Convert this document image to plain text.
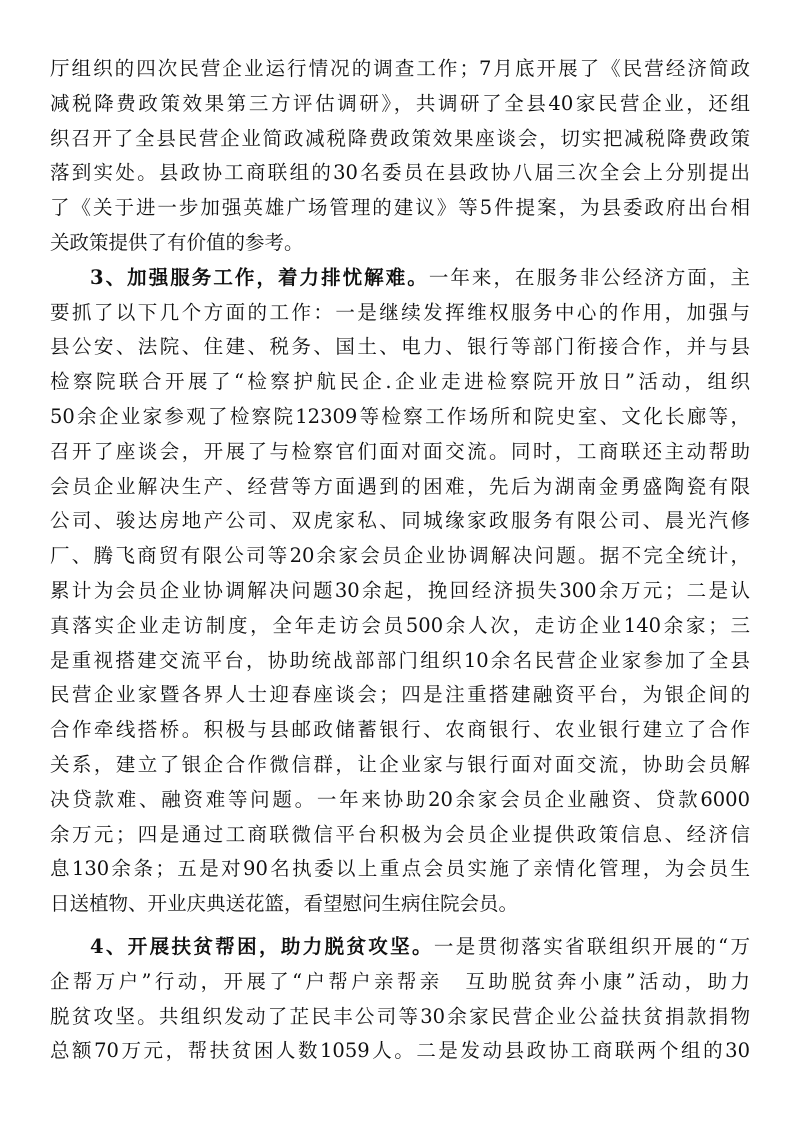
厅组织的四次民营企业运行情况的调查工作；7月底开展了《民营经济简政
减税降费政策效果第三方评估调研》，共调研了全县40家民营企业，还组
织召开了全县民营企业简政减税降费政策效果座谈会，切实把减税降费政策
落到实处。县政协工商联组的30名委员在县政协八届三次全会上分别提出
了《关于进一步加强英雄广场管理的建议》等5件提案，为县委政府出台相
关政策提供了有价值的参考。
3、加强服务工作，着力排忧解难。一年来，在服务非公经济方面，主
要抓了以下几个方面的工作：一是继续发挥维权服务中心的作用，加强与
县公安、法院、住建、税务、国土、电力、银行等部门衔接合作，并与县
检察院联合开展了“检察护航民企.企业走进检察院开放日”活动，组织
50余企业家参观了检察院12309等检察工作场所和院史室、文化长廊等，
召开了座谈会，开展了与检察官们面对面交流。同时，工商联还主动帮助
会员企业解决生产、经营等方面遇到的困难，先后为湖南金勇盛陶瓷有限
公司、骏达房地产公司、双虎家私、同城缘家政服务有限公司、晨光汽修
厂、腾飞商贸有限公司等20余家会员企业协调解决问题。据不完全统计，
累计为会员企业协调解决问题30余起，挽回经济损失300余万元；二是认
真落实企业走访制度，全年走访会员500余人次，走访企业140余家；三
是重视搭建交流平台，协助统战部部门组织10余名民营企业家参加了全县
民营企业家暨各界人士迎春座谈会；四是注重搭建融资平台，为银企间的
合作牵线搭桥。积极与县邮政储蓄银行、农商银行、农业银行建立了合作
关系，建立了银企合作微信群，让企业家与银行面对面交流，协助会员解
决贷款难、融资难等问题。一年来协助20余家会员企业融资、贷款6000
余万元；四是通过工商联微信平台积极为会员企业提供政策信息、经济信
息130余条；五是对90名执委以上重点会员实施了亲情化管理，为会员生
日送植物、开业庆典送花篮，看望慰问生病住院会员。
4、开展扶贫帮困，助力脱贫攻坚。一是贯彻落实省联组织开展的“万
企帮万户”行动，开展了“户帮户亲帮亲　互助脱贫奔小康”活动，助力
脱贫攻坚。共组织发动了芷民丰公司等30余家民营企业公益扶贫捐款捐物
总额70万元，帮扶贫困人数1059人。二是发动县政协工商联两个组的30
